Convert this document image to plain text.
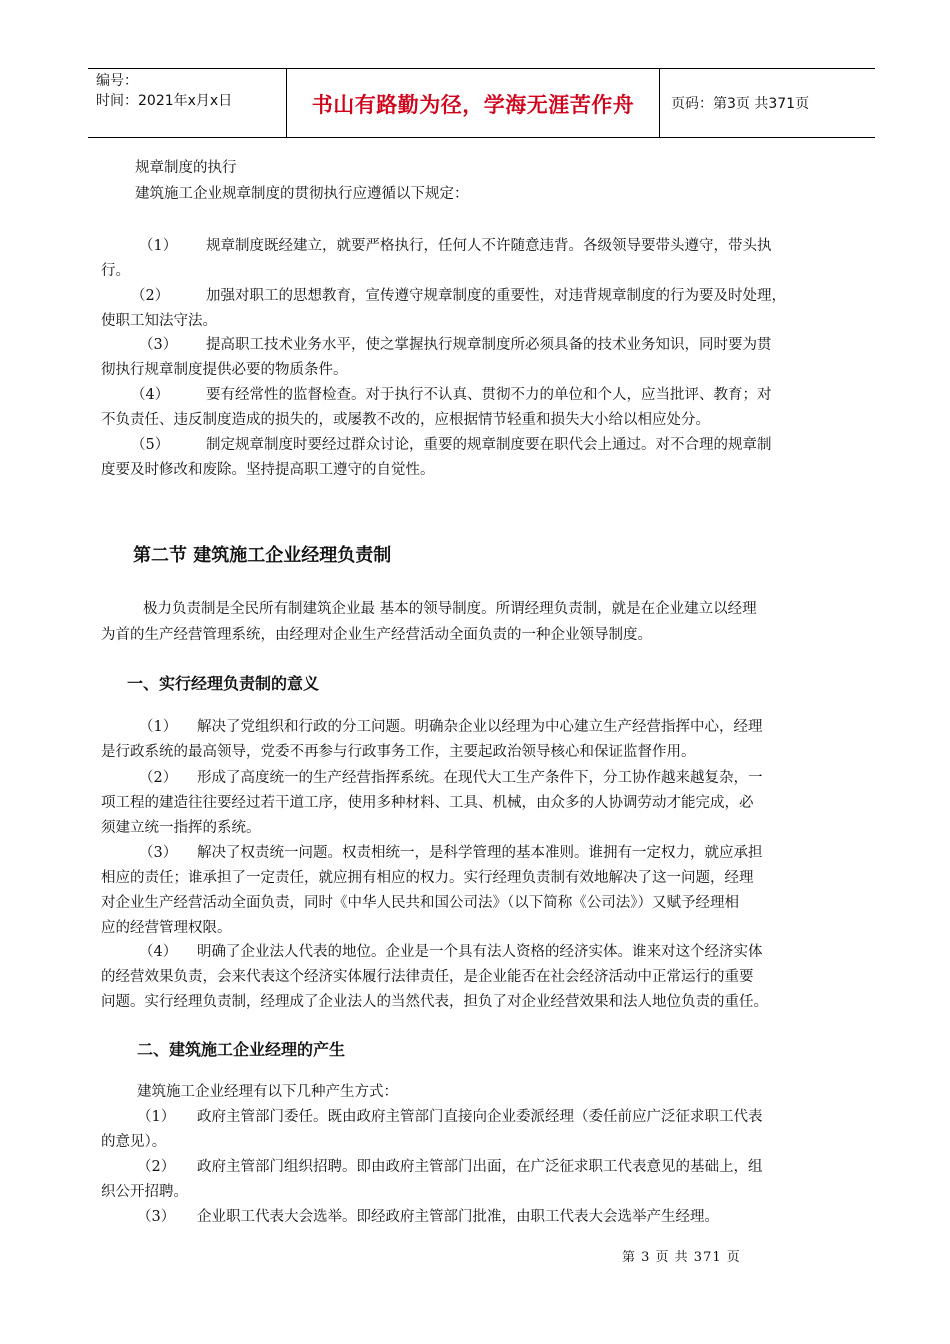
编号：
时间：2021年x月x日	书山有路勤为径，学海无涯苦作舟	页码：第3页 共371页
规章制度的执行
建筑施工企业规章制度的贯彻执行应遵循以下规定：
（1） 规章制度既经建立，就要严格执行，任何人不许随意违背。各级领导要带头遵守，带头执
行。
（2）	加强对职工的思想教育，宣传遵守规章制度的重要性，对违背规章制度的行为要及时处理，
使职工知法守法。
（3） 提高职工技术业务水平，使之掌握执行规章制度所必须具备的技术业务知识，同时要为贯
彻执行规章制度提供必要的物质条件。
（4）	要有经常性的监督检查。对于执行不认真、贯彻不力的单位和个人，应当批评、教育；对
不负责任、违反制度造成的损失的，或屡教不改的，应根据情节轻重和损失大小给以相应处分。
（5）	制定规章制度时要经过群众讨论，重要的规章制度要在职代会上通过。对不合理的规章制
度要及时修改和废除。坚持提高职工遵守的自觉性。
第二节 建筑施工企业经理负责制
极力负责制是全民所有制建筑企业最 基本的领导制度。所谓经理负责制，就是在企业建立以经理
为首的生产经营管理系统，由经理对企业生产经营活动全面负责的一种企业领导制度。
一、实行经理负责制的意义
（1） 解决了党组织和行政的分工问题。明确杂企业以经理为中心建立生产经营指挥中心，经理
是行政系统的最高领导，党委不再参与行政事务工作，主要起政治领导核心和保证监督作用。
（2） 形成了高度统一的生产经营指挥系统。在现代大工生产条件下，分工协作越来越复杂，一
项工程的建造往往要经过若干道工序，使用多种材料、工具、机械，由众多的人协调劳动才能完成，必
须建立统一指挥的系统。
（3） 解决了权责统一问题。权责相统一，是科学管理的基本准则。谁拥有一定权力，就应承担
相应的责任；谁承担了一定责任，就应拥有相应的权力。实行经理负责制有效地解决了这一问题，经理
对企业生产经营活动全面负责，同时《中华人民共和国公司法》（以下简称《公司法》）又赋予经理相
应的经营管理权限。
（4） 明确了企业法人代表的地位。企业是一个具有法人资格的经济实体。谁来对这个经济实体
的经营效果负责，会来代表这个经济实体履行法律责任，是企业能否在社会经济活动中正常运行的重要
问题。实行经理负责制，经理成了企业法人的当然代表，担负了对企业经营效果和法人地位负责的重任。
二、建筑施工企业经理的产生
建筑施工企业经理有以下几种产生方式：
（1） 政府主管部门委任。既由政府主管部门直接向企业委派经理（委任前应广泛征求职工代表
的意见）。
（2） 政府主管部门组织招聘。即由政府主管部门出面，在广泛征求职工代表意见的基础上，组
织公开招聘。
（3） 企业职工代表大会选举。即经政府主管部门批准，由职工代表大会选举产生经理。
第 3 页 共 371 页
